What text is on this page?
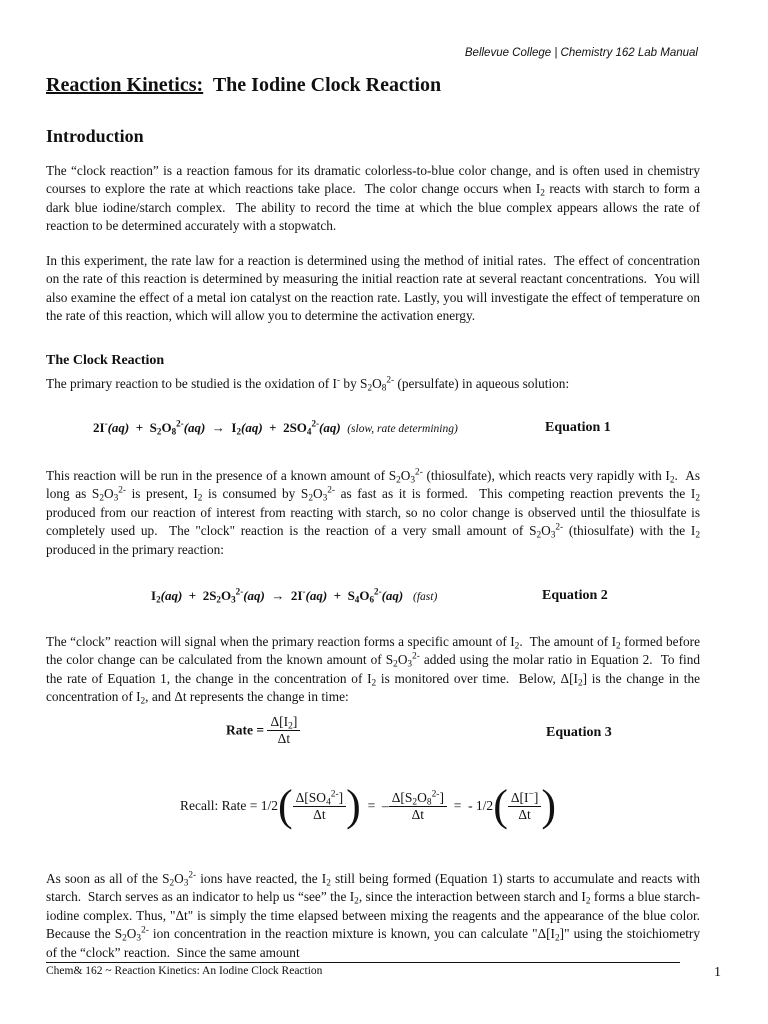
Bellevue College | Chemistry 162 Lab Manual
Reaction Kinetics: The Iodine Clock Reaction
Introduction
The “clock reaction” is a reaction famous for its dramatic colorless-to-blue color change, and is often used in chemistry courses to explore the rate at which reactions take place.  The color change occurs when $I_2$ reacts with starch to form a dark blue iodine/starch complex.  The ability to record the time at which the blue complex appears allows the rate of reaction to be determined accurately with a stopwatch.
In this experiment, the rate law for a reaction is determined using the method of initial rates.  The effect of concentration on the rate of this reaction is determined by measuring the initial reaction rate at several reactant concentrations.  You will also examine the effect of a metal ion catalyst on the reaction rate. Lastly, you will investigate the effect of temperature on the rate of this reaction, which will allow you to determine the activation energy.
The Clock Reaction
The primary reaction to be studied is the oxidation of I- by $S_2O_8^{2-}$ (persulfate) in aqueous solution:
$2I^-(aq) + S_2O_8^{2-}(aq) \to I_2(aq) + 2SO_4^{2-}(aq)$ (slow, rate determining)	Equation 1
This reaction will be run in the presence of a known amount of $S_2O_3^{2-}$ (thiosulfate), which reacts very rapidly with $I_2$.  As long as $S_2O_3^{2-}$ is present, $I_2$ is consumed by $S_2O_3^{2-}$ as fast as it is formed.  This competing reaction prevents the $I_2$ produced from our reaction of interest from reacting with starch, so no color change is observed until the thiosulfate is completely used up.  The "clock" reaction is the reaction of a very small amount of $S_2O_3^{2-}$ (thiosulfate) with the $I_2$ produced in the primary reaction:
$I_2(aq) + 2S_2O_3^{2-}(aq) \to 2I^-(aq) + S_4O_6^{2-}(aq)$ (fast)	Equation 2
The “clock” reaction will signal when the primary reaction forms a specific amount of $I_2$.  The amount of $I_2$ formed before the color change can be calculated from the known amount of $S_2O_3^{2-}$ added using the molar ratio in Equation 2.  To find the rate of Equation 1, the change in the concentration of $I_2$ is monitored over time.  Below, $\Delta[I_2]$ is the change in the concentration of $I_2$, and Δt represents the change in time:
Rate = $\frac{\Delta[I_2]}{\Delta t}$	Equation 3
Recall: Rate = $1/2( \frac{\Delta[SO_4^{2-}]}{\Delta t}$ )  =  – $\frac{\Delta[S_2O_8^{2-}]}{\Delta t}$ =  - $1/2( \frac{\Delta[I^-]}{\Delta t}$ )
As soon as all of the $S_2O_3^{2-}$ ions have reacted, the $I_2$ still being formed (Equation 1) starts to accumulate and reacts with starch.  Starch serves as an indicator to help us “see” the $I_2$, since the interaction between starch and $I_2$ forms a blue starch-iodine complex. Thus, "Δt" is simply the time elapsed between mixing the reagents and the appearance of the blue color. Because the $S_2O_3^{2-}$ ion concentration in the reaction mixture is known, you can calculate "$\Delta[I_2]$" using the stoichiometry of the “clock” reaction.  Since the same amount
Chem& 162 ~ Reaction Kinetics: An Iodine Clock Reaction	1
